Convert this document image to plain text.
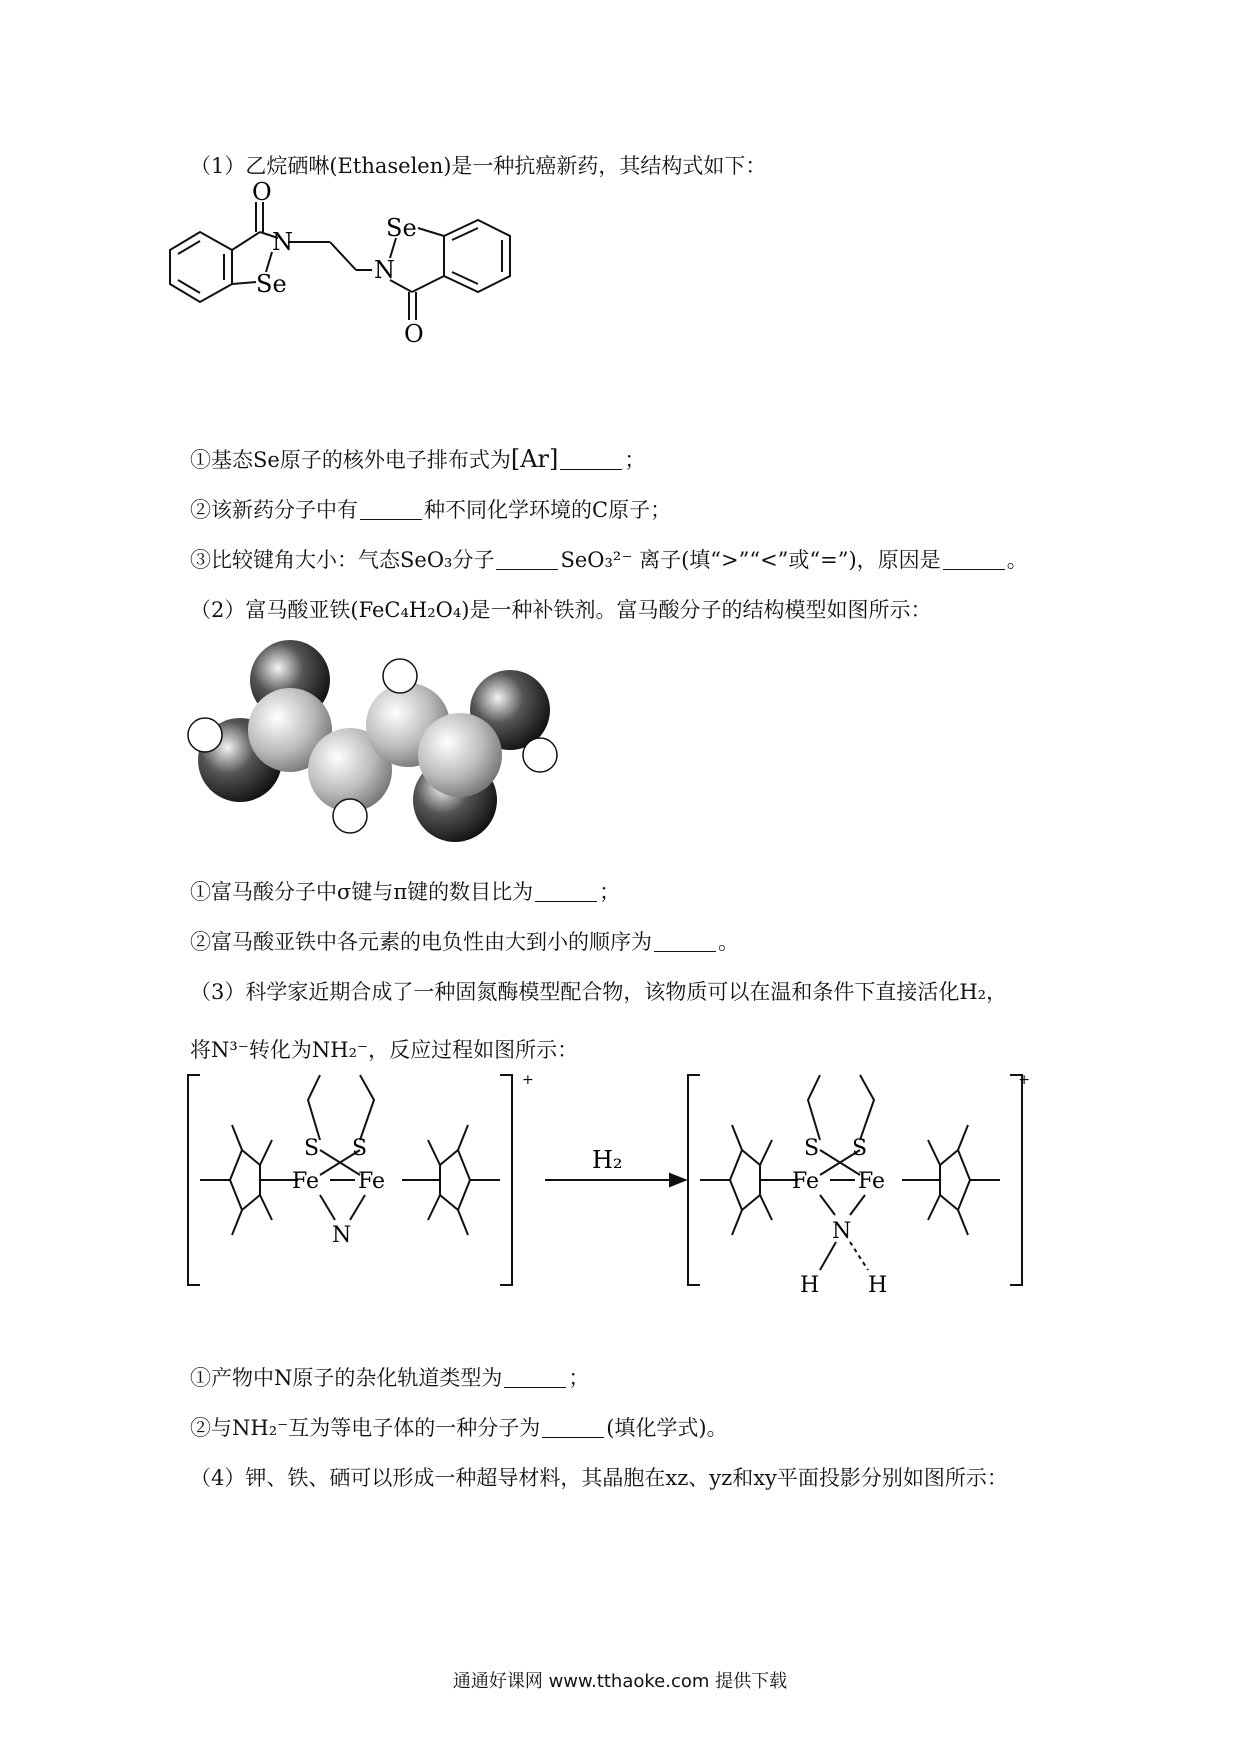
（1）乙烷硒啉(Ethaselen)是一种抗癌新药，其结构式如下：
O
N
Se
Se
N
O
①基态Se原子的核外电子排布式为[Ar]	；
②该新药分子中有	种不同化学环境的C原子；
③比较键角大小：气态SeO₃分子	SeO₃²⁻ 离子(填“>”“<”或“=”)，原因是	。
（2）富马酸亚铁(FeC₄H₂O₄)是一种补铁剂。富马酸分子的结构模型如图所示：
①富马酸分子中σ键与π键的数目比为	；
②富马酸亚铁中各元素的电负性由大到小的顺序为	。
（3）科学家近期合成了一种固氮酶模型配合物，该物质可以在温和条件下直接活化H₂，
将N³⁻转化为NH₂⁻，反应过程如图所示：
+	+
H₂
S S
Fe Fe
N
S S
Fe Fe
N
H H
①产物中N原子的杂化轨道类型为	；
②与NH₂⁻互为等电子体的一种分子为	(填化学式)。
（4）钾、铁、硒可以形成一种超导材料，其晶胞在xz、yz和xy平面投影分别如图所示：
通通好课网 www.tthaoke.com 提供下载
